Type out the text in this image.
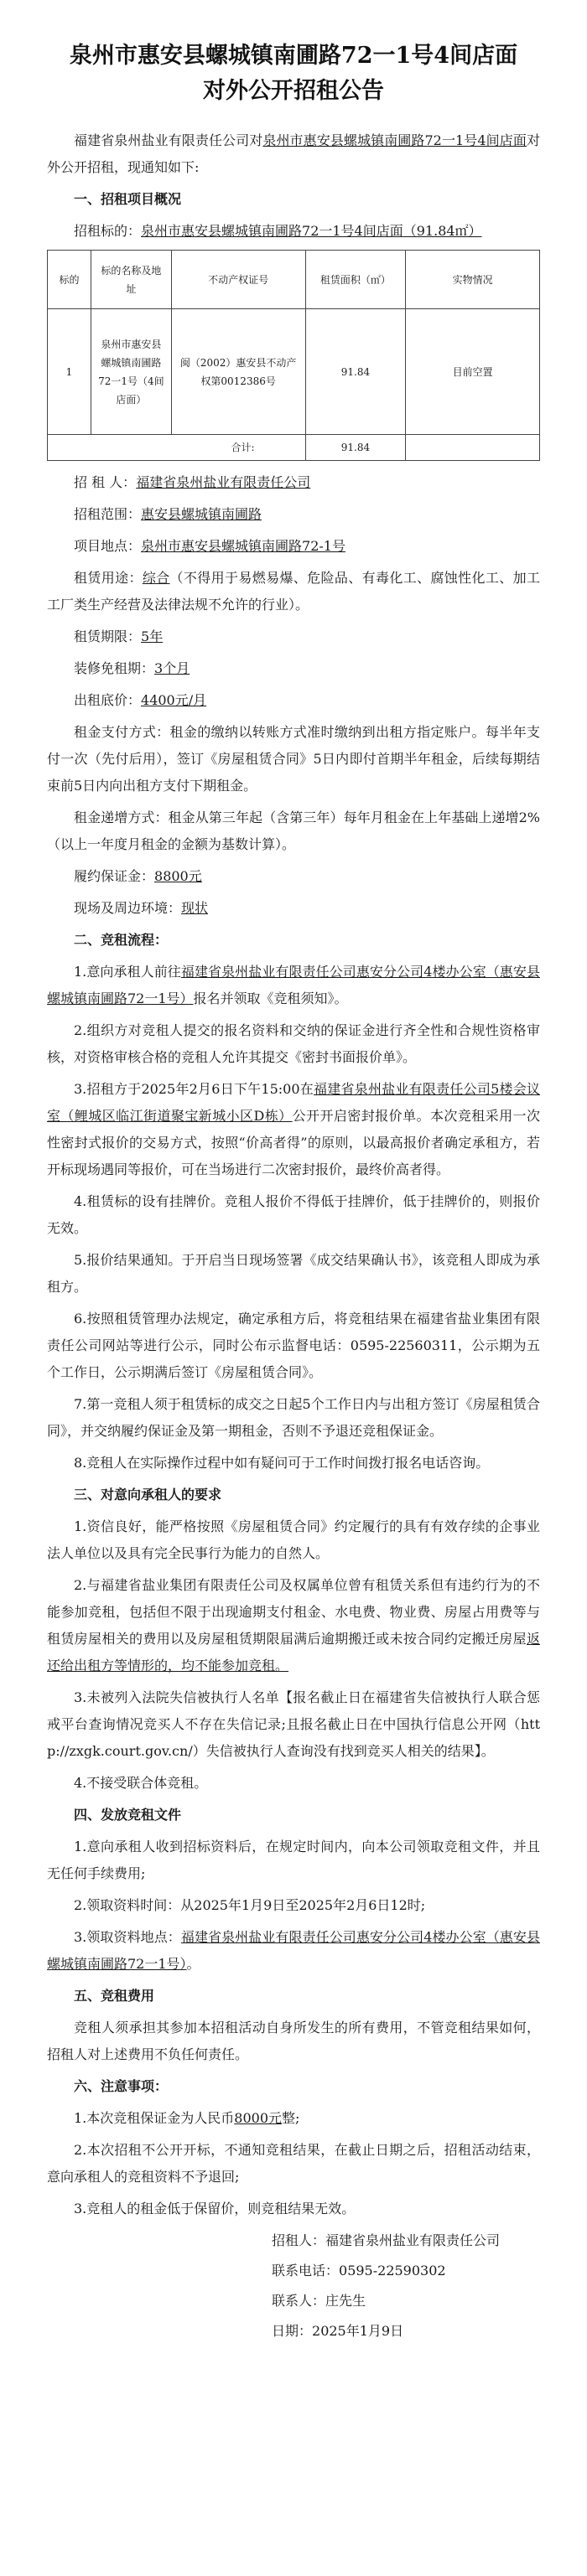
泉州市惠安县螺城镇南圃路72一1号4间店面
对外公开招租公告

福建省泉州盐业有限责任公司对泉州市惠安县螺城镇南圃路72一1号4间店面对外公开招租，现通知如下:

一、招租项目概况

招租标的：泉州市惠安县螺城镇南圃路72一1号4间店面（91.84㎡）

标的	标的名称及地址	不动产权证号	租赁面积（㎡）	实物情况
1	泉州市惠安县螺城镇南圃路72一1号（4间店面）	闽（2002）惠安县不动产权第0012386号	91.84	目前空置
合计:			91.84	

招 租 人：福建省泉州盐业有限责任公司

招租范围：惠安县螺城镇南圃路

项目地点：泉州市惠安县螺城镇南圃路72-1号

租赁用途：综合（不得用于易燃易爆、危险品、有毒化工、腐蚀性化工、加工工厂类生产经营及法律法规不允许的行业）。

租赁期限：5年

装修免租期：3个月

出租底价：4400元/月

租金支付方式：租金的缴纳以转账方式准时缴纳到出租方指定账户。每半年支付一次（先付后用），签订《房屋租赁合同》5日内即付首期半年租金，后续每期结束前5日内向出租方支付下期租金。

租金递增方式：租金从第三年起（含第三年）每年月租金在上年基础上递增2%（以上一年度月租金的金额为基数计算）。

履约保证金：8800元

现场及周边环境：现状

二、竞租流程：

1.意向承租人前往福建省泉州盐业有限责任公司惠安分公司4楼办公室（惠安县螺城镇南圃路72一1号）报名并领取《竞租须知》。

2.组织方对竞租人提交的报名资料和交纳的保证金进行齐全性和合规性资格审核，对资格审核合格的竞租人允许其提交《密封书面报价单》。

3.招租方于2025年2月6日下午15:00在福建省泉州盐业有限责任公司5楼会议室（鲤城区临江街道聚宝新城小区D栋）公开开启密封报价单。本次竞租采用一次性密封式报价的交易方式，按照“价高者得”的原则，以最高报价者确定承租方，若开标现场遇同等报价，可在当场进行二次密封报价，最终价高者得。

4.租赁标的设有挂牌价。竞租人报价不得低于挂牌价，低于挂牌价的，则报价无效。

5.报价结果通知。于开启当日现场签署《成交结果确认书》，该竞租人即成为承租方。

6.按照租赁管理办法规定，确定承租方后，将竞租结果在福建省盐业集团有限责任公司网站等进行公示，同时公布示监督电话：0595-22560311，公示期为五个工作日，公示期满后签订《房屋租赁合同》。

7.第一竞租人须于租赁标的成交之日起5个工作日内与出租方签订《房屋租赁合同》，并交纳履约保证金及第一期租金，否则不予退还竞租保证金。

8.竞租人在实际操作过程中如有疑问可于工作时间拨打报名电话咨询。

三、对意向承租人的要求

1.资信良好，能严格按照《房屋租赁合同》约定履行的具有有效存续的企事业法人单位以及具有完全民事行为能力的自然人。

2.与福建省盐业集团有限责任公司及权属单位曾有租赁关系但有违约行为的不能参加竞租，包括但不限于出现逾期支付租金、水电费、物业费、房屋占用费等与租赁房屋相关的费用以及房屋租赁期限届满后逾期搬迁或未按合同约定搬迁房屋返还给出租方等情形的，均不能参加竞租。

3.未被列入法院失信被执行人名单【报名截止日在福建省失信被执行人联合惩戒平台查询情况竞买人不存在失信记录;且报名截止日在中国执行信息公开网（http://zxgk.court.gov.cn/）失信被执行人查询没有找到竞买人相关的结果】。

4.不接受联合体竞租。

四、发放竞租文件

1.意向承租人收到招标资料后，在规定时间内，向本公司领取竞租文件，并且无任何手续费用;

2.领取资料时间：从2025年1月9日至2025年2月6日12时;

3.领取资料地点：福建省泉州盐业有限责任公司惠安分公司4楼办公室（惠安县螺城镇南圃路72一1号）。

五、竞租费用

竞租人须承担其参加本招租活动自身所发生的所有费用，不管竞租结果如何，招租人对上述费用不负任何责任。

六、注意事项：

1.本次竞租保证金为人民币8000元整;

2.本次招租不公开开标，不通知竞租结果，在截止日期之后，招租活动结束，意向承租人的竞租资料不予退回;

3.竞租人的租金低于保留价，则竞租结果无效。

招租人：福建省泉州盐业有限责任公司

联系电话：0595-22590302

联系人：庄先生

日期：2025年1月9日
